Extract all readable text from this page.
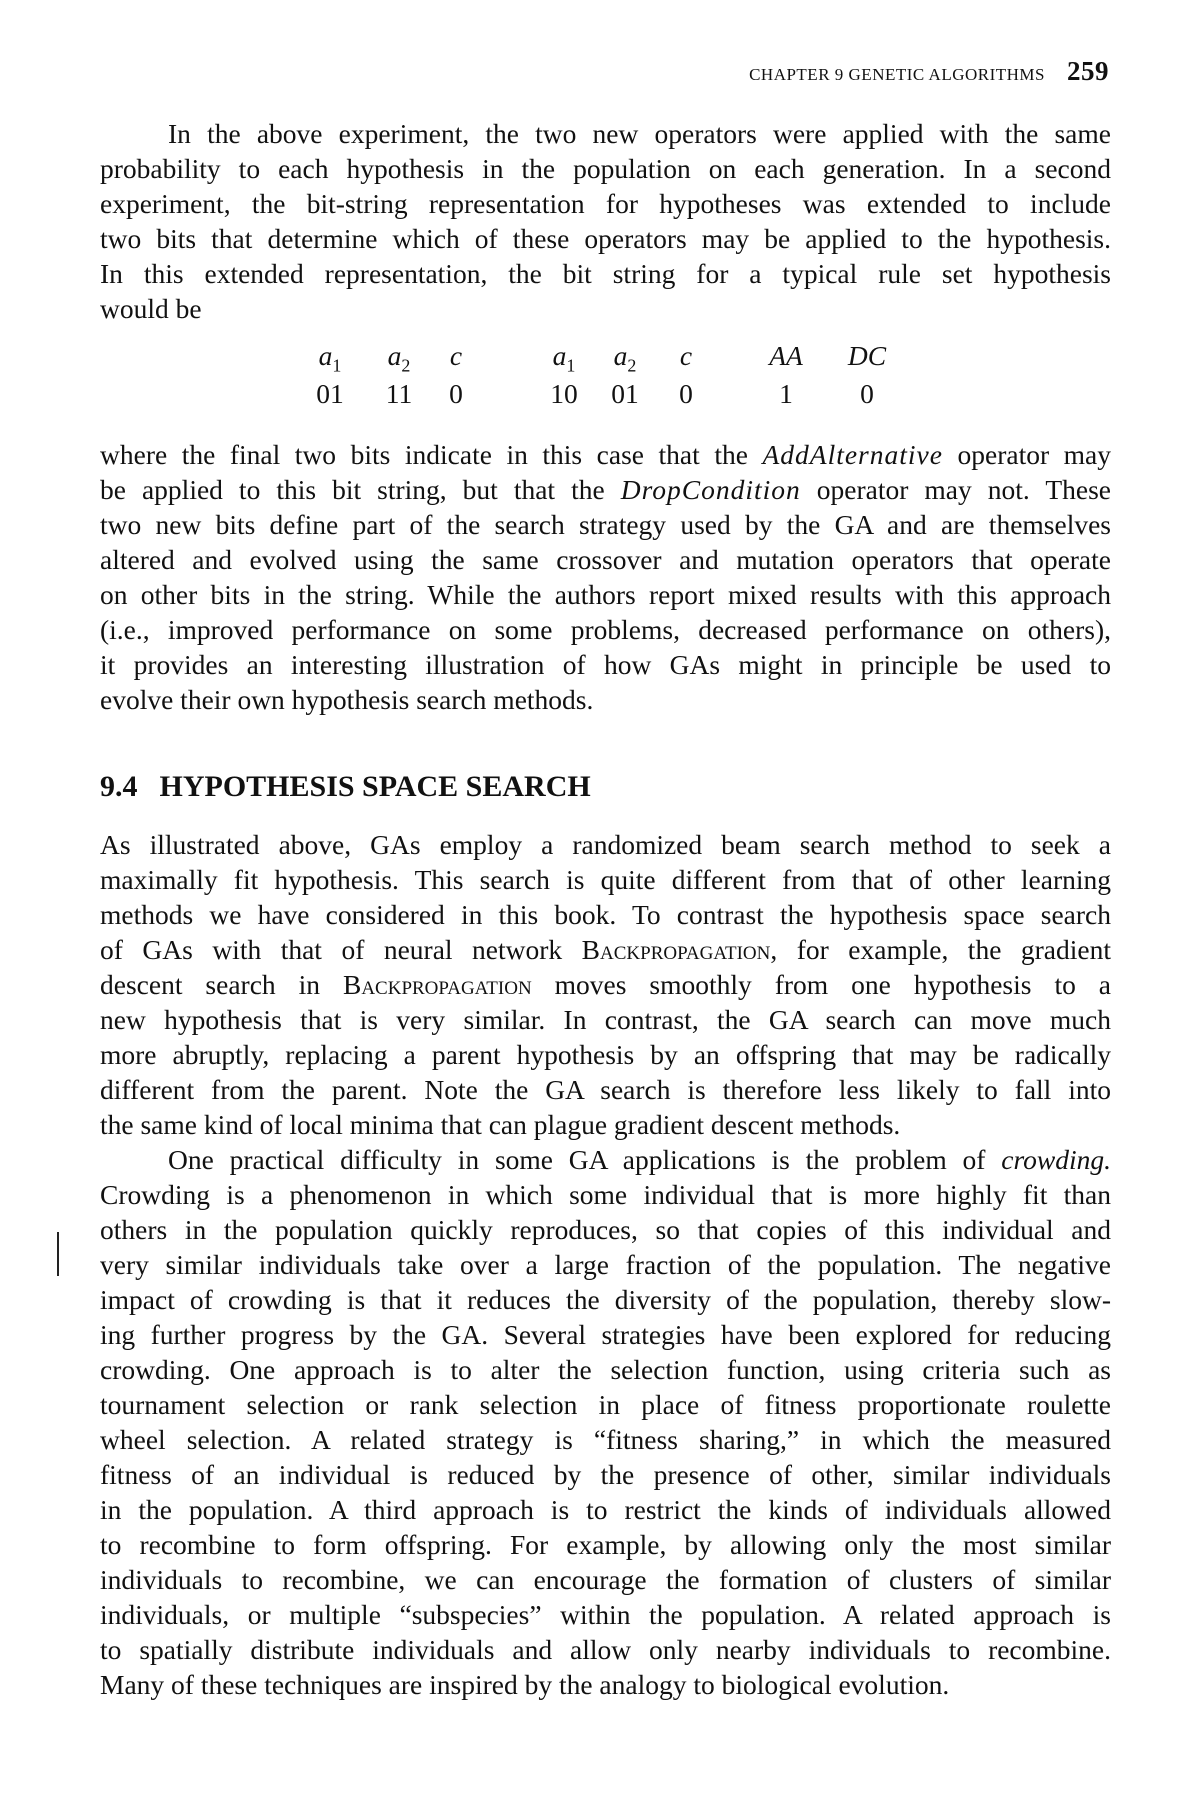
CHAPTER 9 GENETIC ALGORITHMS 259
In the above experiment, the two new operators were applied with the same
probability to each hypothesis in the population on each generation. In a second
experiment, the bit-string representation for hypotheses was extended to include
two bits that determine which of these operators may be applied to the hypothesis.
In this extended representation, the bit string for a typical rule set hypothesis
would be
$a_1$ $a_2$ c	$a_1$ $a_2$ c	AA DC
01 11 0	10 01 0	1 0
where the final two bits indicate in this case that the AddAlternative operator may
be applied to this bit string, but that the DropCondition operator may not. These
two new bits define part of the search strategy used by the GA and are themselves
altered and evolved using the same crossover and mutation operators that operate
on other bits in the string. While the authors report mixed results with this approach
(i.e., improved performance on some problems, decreased performance on others),
it provides an interesting illustration of how GAs might in principle be used to
evolve their own hypothesis search methods.
9.4 HYPOTHESIS SPACE SEARCH
As illustrated above, GAs employ a randomized beam search method to seek a
maximally fit hypothesis. This search is quite different from that of other learning
methods we have considered in this book. To contrast the hypothesis space search
of GAs with that of neural network Backpropagation, for example, the gradient
descent search in Backpropagation moves smoothly from one hypothesis to a
new hypothesis that is very similar. In contrast, the GA search can move much
more abruptly, replacing a parent hypothesis by an offspring that may be radically
different from the parent. Note the GA search is therefore less likely to fall into
the same kind of local minima that can plague gradient descent methods.
One practical difficulty in some GA applications is the problem of crowding.
Crowding is a phenomenon in which some individual that is more highly fit than
others in the population quickly reproduces, so that copies of this individual and
very similar individuals take over a large fraction of the population. The negative
impact of crowding is that it reduces the diversity of the population, thereby slow-
ing further progress by the GA. Several strategies have been explored for reducing
crowding. One approach is to alter the selection function, using criteria such as
tournament selection or rank selection in place of fitness proportionate roulette
wheel selection. A related strategy is “fitness sharing,” in which the measured
fitness of an individual is reduced by the presence of other, similar individuals
in the population. A third approach is to restrict the kinds of individuals allowed
to recombine to form offspring. For example, by allowing only the most similar
individuals to recombine, we can encourage the formation of clusters of similar
individuals, or multiple “subspecies” within the population. A related approach is
to spatially distribute individuals and allow only nearby individuals to recombine.
Many of these techniques are inspired by the analogy to biological evolution.
